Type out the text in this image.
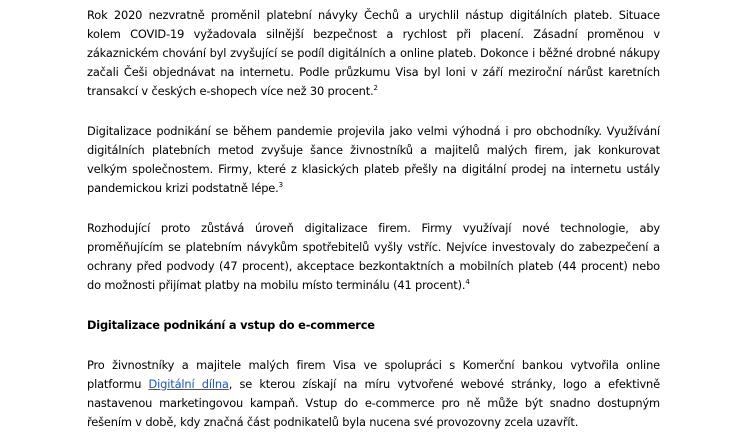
Rok 2020 nezvratně proměnil platební návyky Čechů a urychlil nástup digitálních plateb. Situace kolem COVID-19 vyžadovala silnější bezpečnost a rychlost při placení. Zásadní proměnou v zákaznickém chování byl zvyšující se podíl digitálních a online plateb. Dokonce i běžné drobné nákupy začali Češi objednávat na internetu. Podle průzkumu Visa byl loni v září meziroční nárůst karetních transakcí v českých e-shopech více než 30 procent.$^2$

Digitalizace podnikání se během pandemie projevila jako velmi výhodná i pro obchodníky. Využívání digitálních platebních metod zvyšuje šance živnostníků a majitelů malých firem, jak konkurovat velkým společnostem. Firmy, které z klasických plateb přešly na digitální prodej na internetu ustály pandemickou krizi podstatně lépe.$^3$

Rozhodující proto zůstává úroveň digitalizace firem. Firmy využívají nové technologie, aby proměňujícím se platebním návykům spotřebitelů vyšly vstříc. Nejvíce investovaly do zabezpečení a ochrany před podvody (47 procent), akceptace bezkontaktních a mobilních plateb (44 procent) nebo do možnosti přijímat platby na mobilu místo terminálu (41 procent).$^4$

Digitalizace podnikání a vstup do e-commerce

Pro živnostníky a majitele malých firem Visa ve spolupráci s Komerční bankou vytvořila online platformu Digitální dílna, se kterou získají na míru vytvořené webové stránky, logo a efektivně nastavenou marketingovou kampaň. Vstup do e-commerce pro ně může být snadno dostupným řešením v době, kdy značná část podnikatelů byla nucena své provozovny zcela uzavřít.
